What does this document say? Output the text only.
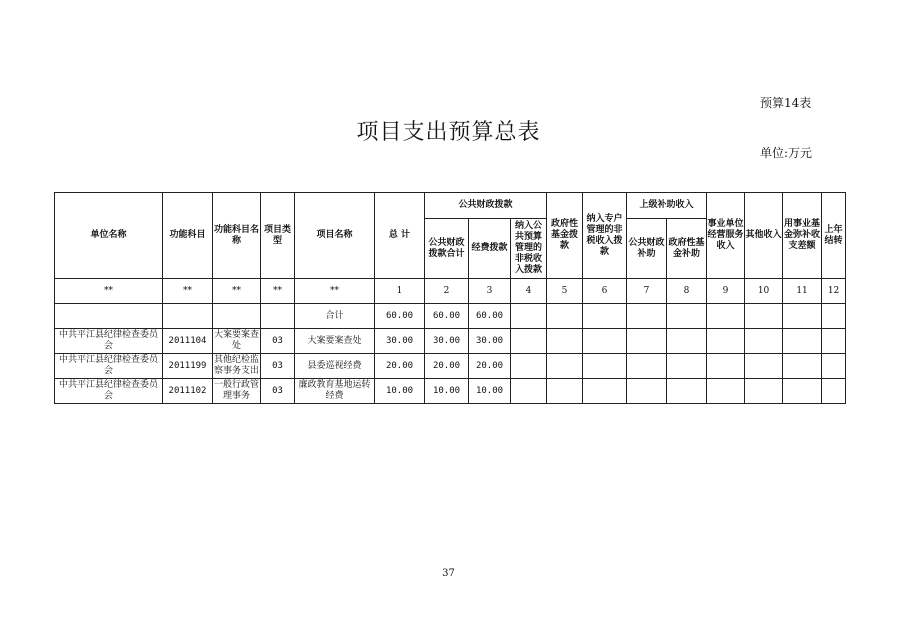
预算14表
项目支出预算总表
单位:万元
单位名称	功能科目	功能科目名称	项目类型	项目名称	总 计	公共财政拨款			政府性基金拨款	纳入专户管理的非税收入拨款	上级补助收入		事业单位经营服务收入	其他收入	用事业基金弥补收支差额	上年结转
						公共财政拨款合计	经费拨款	纳入公共预算管理的非税收入拨款			公共财政补助	政府性基金补助				
**	**	**	**	**	1	2	3	4	5	6	7	8	9	10	11	12
				合计	60.00	60.00	60.00									
中共平江县纪律检查委员会	2011104	大案要案查处	03	大案要案查处	30.00	30.00	30.00									
中共平江县纪律检查委员会	2011199	其他纪检监察事务支出	03	县委巡视经费	20.00	20.00	20.00									
中共平江县纪律检查委员会	2011102	一般行政管理事务	03	廉政教育基地运转经费	10.00	10.00	10.00									
37
